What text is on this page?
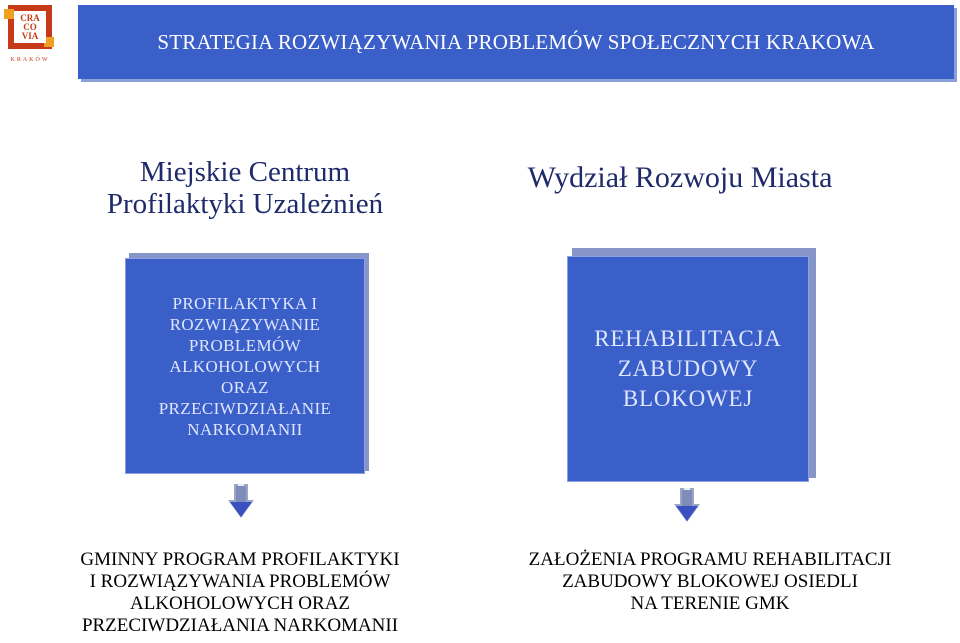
CRA
CO
VIA
KRAKÓW
STRATEGIA ROZWIĄZYWANIA PROBLEMÓW SPOŁECZNYCH KRAKOWA
Miejskie Centrum
Profilaktyki Uzależnień
Wydział Rozwoju Miasta
PROFILAKTYKA I
ROZWIĄZYWANIE
PROBLEMÓW
ALKOHOLOWYCH
ORAZ
PRZECIWDZIAŁANIE
NARKOMANII
REHABILITACJA
ZABUDOWY
BLOKOWEJ
GMINNY PROGRAM PROFILAKTYKI
I ROZWIĄZYWANIA PROBLEMÓW
ALKOHOLOWYCH ORAZ
PRZECIWDZIAŁANIA NARKOMANII
ZAŁOŻENIA PROGRAMU REHABILITACJI
ZABUDOWY BLOKOWEJ OSIEDLI
NA TERENIE GMK
